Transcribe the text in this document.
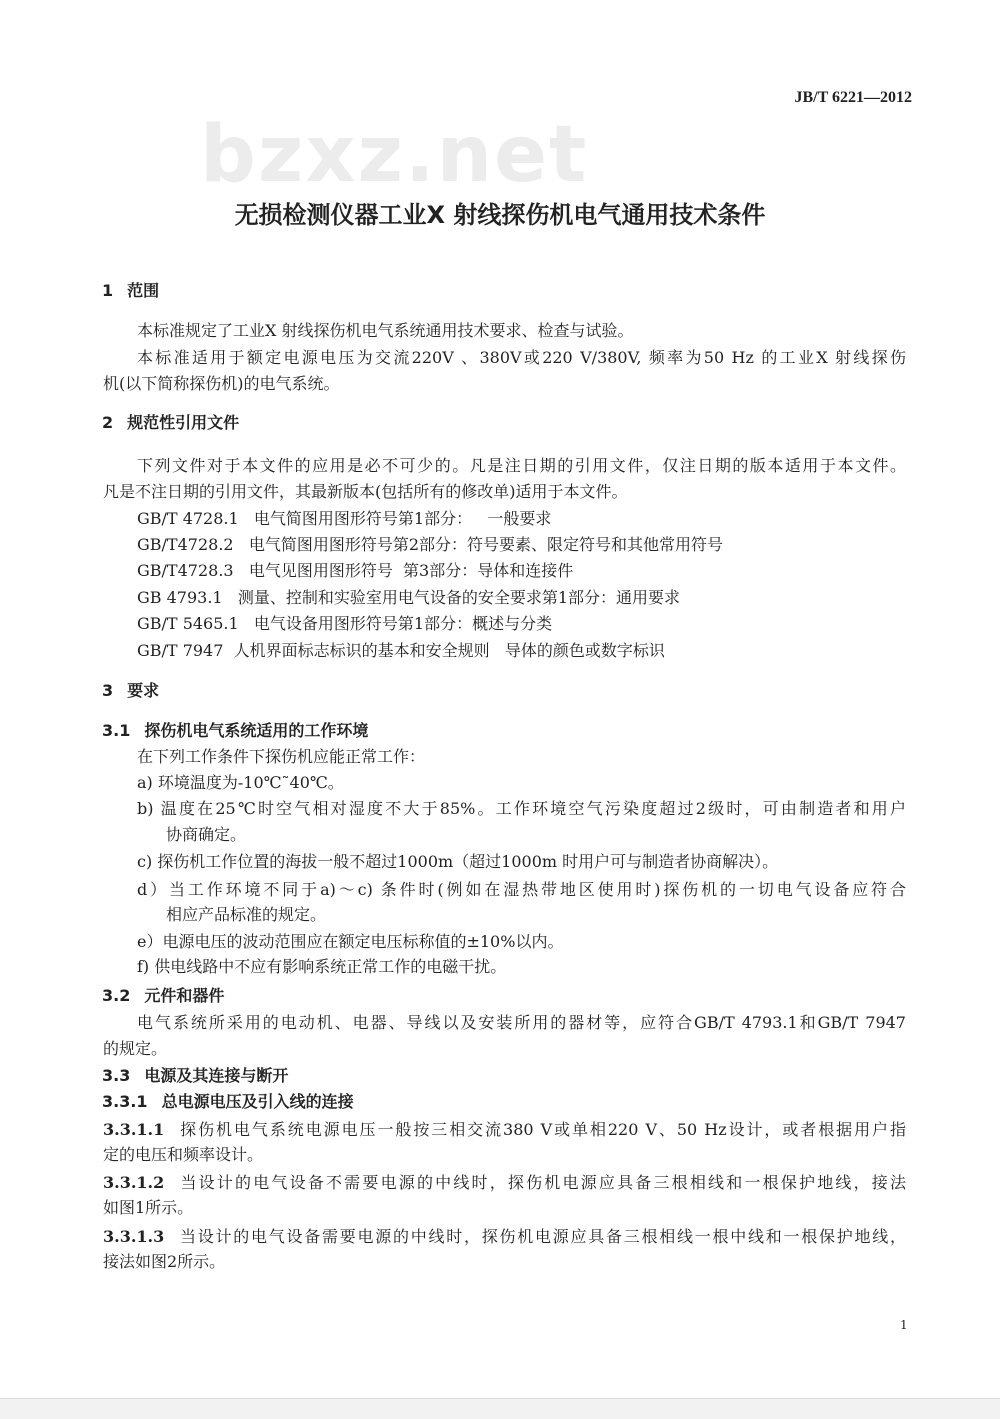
JB/T 6221—2012
bzxz.net
无损检测仪器工业X 射线探伤机电气通用技术条件
1 范围
本标准规定了工业X 射线探伤机电气系统通用技术要求、检查与试验。
本标准适用于额定电源电压为交流220V 、380V或220 V/380V, 频率为50 Hz 的工业X 射线探伤
机(以下简称探伤机)的电气系统。
2 规范性引用文件
下列文件对于本文件的应用是必不可少的。凡是注日期的引用文件，仅注日期的版本适用于本文件。
凡是不注日期的引用文件，其最新版本(包括所有的修改单)适用于本文件。
GB/T 4728.1   电气简图用图形符号第1部分：   一般要求
GB/T4728.2   电气简图用图形符号第2部分：符号要素、限定符号和其他常用符号
GB/T4728.3   电气见图用图形符号  第3部分：导体和连接件
GB 4793.1   测量、控制和实验室用电气设备的安全要求第1部分：通用要求
GB/T 5465.1   电气设备用图形符号第1部分：概述与分类
GB/T 7947  人机界面标志标识的基本和安全规则   导体的颜色或数字标识
3 要求
3.1 探伤机电气系统适用的工作环境
在下列工作条件下探伤机应能正常工作：
a) 环境温度为-10℃˜40℃。
b) 温度在25℃时空气相对湿度不大于85%。工作环境空气污染度超过2级时，可由制造者和用户
协商确定。
c) 探伤机工作位置的海拔一般不超过1000m（超过1000m 时用户可与制造者协商解决）。
d）当工作环境不同于a)～c) 条件时(例如在湿热带地区使用时)探伤机的一切电气设备应符合
相应产品标准的规定。
e）电源电压的波动范围应在额定电压标称值的±10%以内。
f) 供电线路中不应有影响系统正常工作的电磁干扰。
3.2 元件和器件
电气系统所采用的电动机、电器、导线以及安装所用的器材等，应符合GB/T 4793.1和GB/T 7947
的规定。
3.3 电源及其连接与断开
3.3.1 总电源电压及引入线的连接
3.3.1.1 探伤机电气系统电源电压一般按三相交流380 V或单相220 V、50 Hz设计，或者根据用户指
定的电压和频率设计。
3.3.1.2 当设计的电气设备不需要电源的中线时，探伤机电源应具备三根相线和一根保护地线，接法
如图1所示。
3.3.1.3 当设计的电气设备需要电源的中线时，探伤机电源应具备三根相线一根中线和一根保护地线，
接法如图2所示。
1
